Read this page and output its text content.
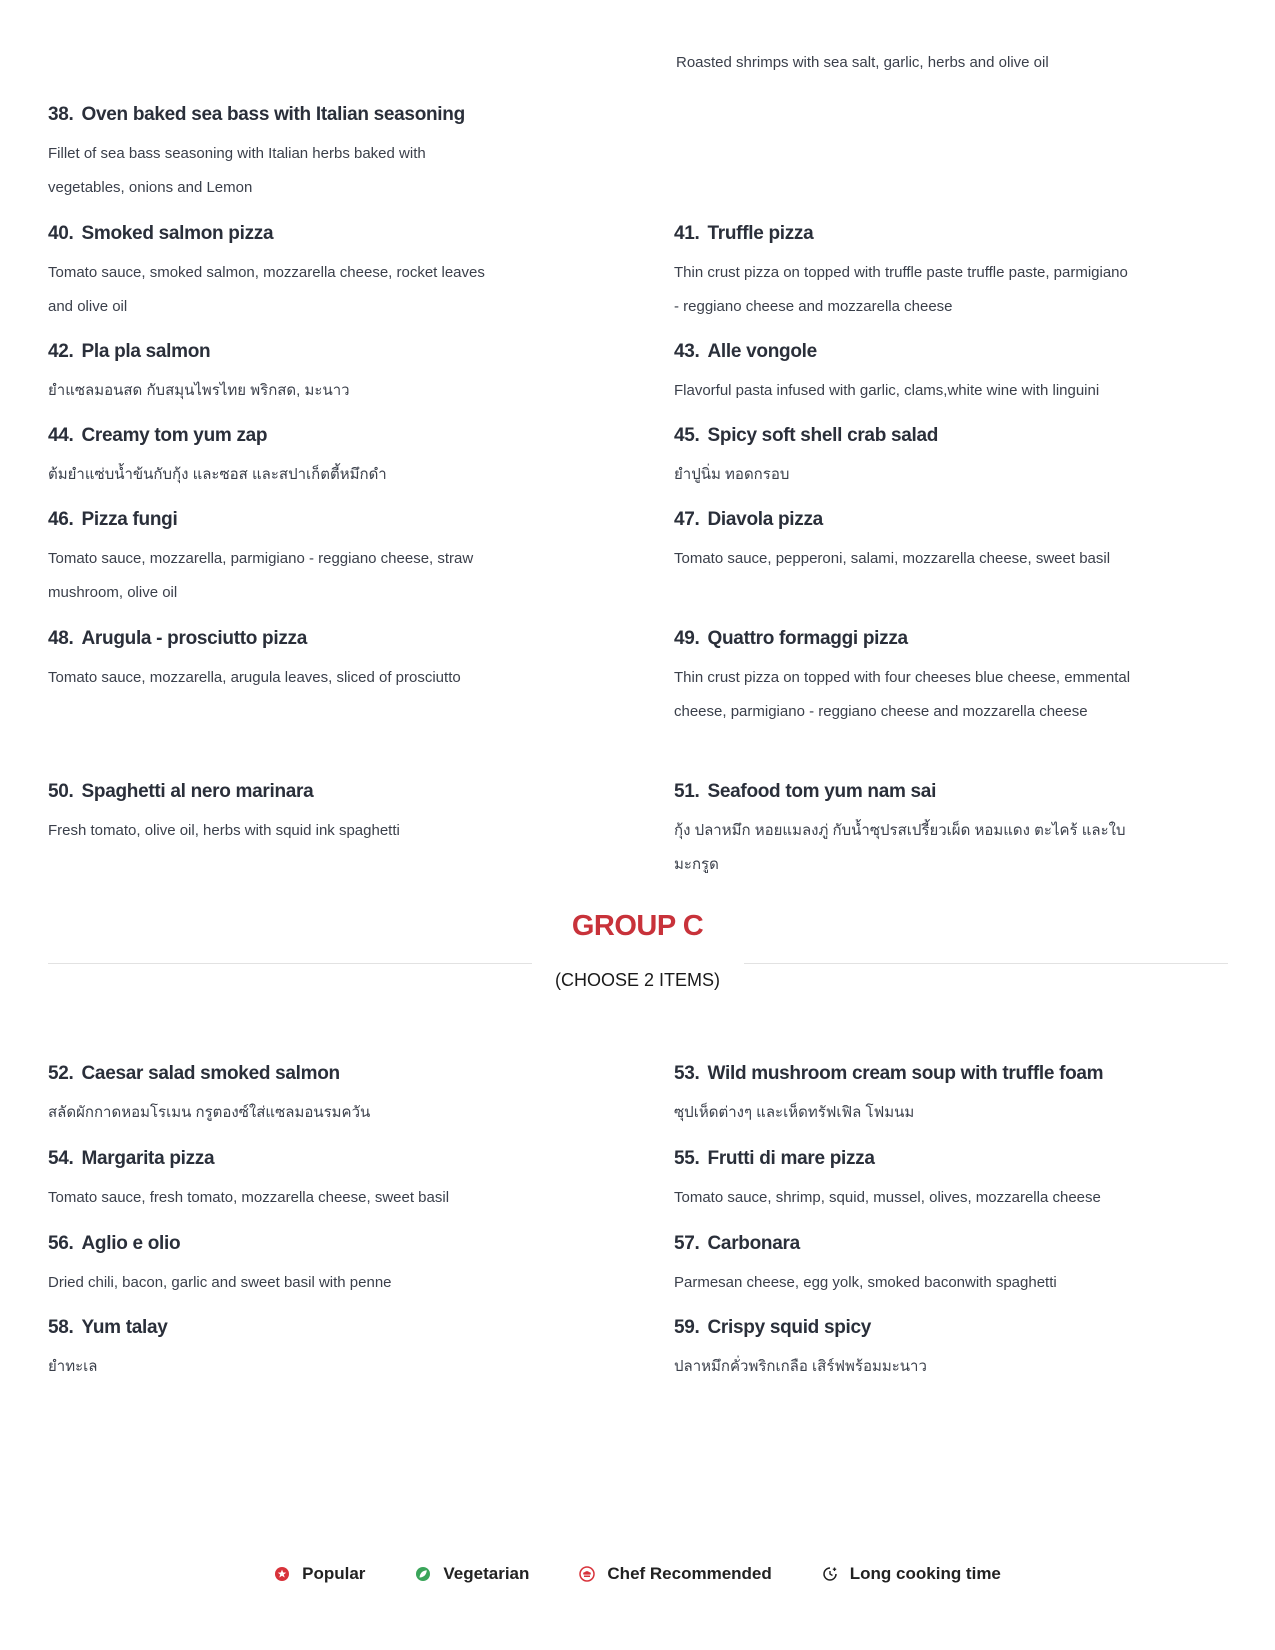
Roasted shrimps with sea salt, garlic, herbs and olive oil
38. Oven baked sea bass with Italian seasoning
Fillet of sea bass seasoning with Italian herbs baked with vegetables, onions and Lemon
40. Smoked salmon pizza
Tomato sauce, smoked salmon, mozzarella cheese, rocket leaves and olive oil
41. Truffle pizza
Thin crust pizza on topped with truffle paste truffle paste, parmigiano - reggiano cheese and mozzarella cheese
42. Pla pla salmon
ยำแซลมอนสด กับสมุนไพรไทย พริกสด, มะนาว
43. Alle vongole
Flavorful pasta infused with garlic, clams,white wine with linguini
44. Creamy tom yum zap
ต้มยำแซ่บน้ำข้นกับกุ้ง และซอส และสปาเก็ตตี้หมึกดำ
45. Spicy soft shell crab salad
ยำปูนิ่ม ทอดกรอบ
46. Pizza fungi
Tomato sauce, mozzarella, parmigiano - reggiano cheese, straw mushroom, olive oil
47. Diavola pizza
Tomato sauce, pepperoni, salami, mozzarella cheese, sweet basil
48. Arugula - prosciutto pizza
Tomato sauce, mozzarella, arugula leaves, sliced of prosciutto
49. Quattro formaggi pizza
Thin crust pizza on topped with four cheeses blue cheese, emmental cheese, parmigiano - reggiano cheese and mozzarella cheese
50. Spaghetti al nero marinara
Fresh tomato, olive oil, herbs with squid ink spaghetti
51. Seafood tom yum nam sai
กุ้ง ปลาหมึก หอยแมลงภู่ กับน้ำซุปรสเปรี้ยวเผ็ด หอมแดง ตะไคร้ และใบมะกรูด
GROUP C
(CHOOSE 2 ITEMS)
52. Caesar salad smoked salmon
สลัดผักกาดหอมโรเมน กรูตองซ์ใส่แซลมอนรมควัน
53. Wild mushroom cream soup with truffle foam
ซุปเห็ดต่างๆ และเห็ดทรัฟเฟิล โฟมนม
54. Margarita pizza
Tomato sauce, fresh tomato, mozzarella cheese, sweet basil
55. Frutti di mare pizza
Tomato sauce, shrimp, squid, mussel, olives, mozzarella cheese
56. Aglio e olio
Dried chili, bacon, garlic and sweet basil with penne
57. Carbonara
Parmesan cheese, egg yolk, smoked baconwith spaghetti
58. Yum talay
ยำทะเล
59. Crispy squid spicy
ปลาหมึกคั่วพริกเกลือ เสิร์ฟพร้อมมะนาว
Popular	Vegetarian	Chef Recommended	Long cooking time
